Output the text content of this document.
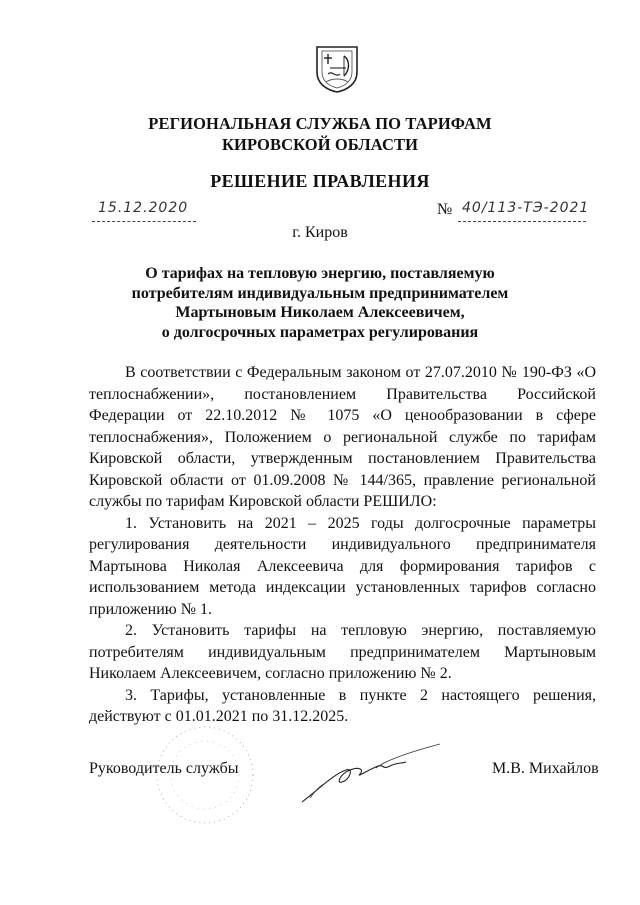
РЕГИОНАЛЬНАЯ СЛУЖБА ПО ТАРИФАМ
КИРОВСКОЙ ОБЛАСТИ
РЕШЕНИЕ ПРАВЛЕНИЯ
15.12.2020	№ 40/113-ТЭ-2021
г. Киров
О тарифах на тепловую энергию, поставляемую
потребителям индивидуальным предпринимателем
Мартыновым Николаем Алексеевичем,
о долгосрочных параметрах регулирования

В соответствии с Федеральным законом от 27.07.2010 № 190-ФЗ «О теплоснабжении», постановлением Правительства Российской Федерации от 22.10.2012 № 1075 «О ценообразовании в сфере теплоснабжения», Положением о региональной службе по тарифам Кировской области, утвержденным постановлением Правительства Кировской области от 01.09.2008 № 144/365, правление региональной службы по тарифам Кировской области РЕШИЛО:

1. Установить на 2021 – 2025 годы долгосрочные параметры регулирования деятельности индивидуального предпринимателя Мартынова Николая Алексеевича для формирования тарифов с использованием метода индексации установленных тарифов согласно приложению № 1.

2. Установить тарифы на тепловую энергию, поставляемую потребителям индивидуальным предпринимателем Мартыновым Николаем Алексеевичем, согласно приложению № 2.

3. Тарифы, установленные в пункте 2 настоящего решения, действуют с 01.01.2021 по 31.12.2025.

Руководитель службы	М.В. Михайлов
